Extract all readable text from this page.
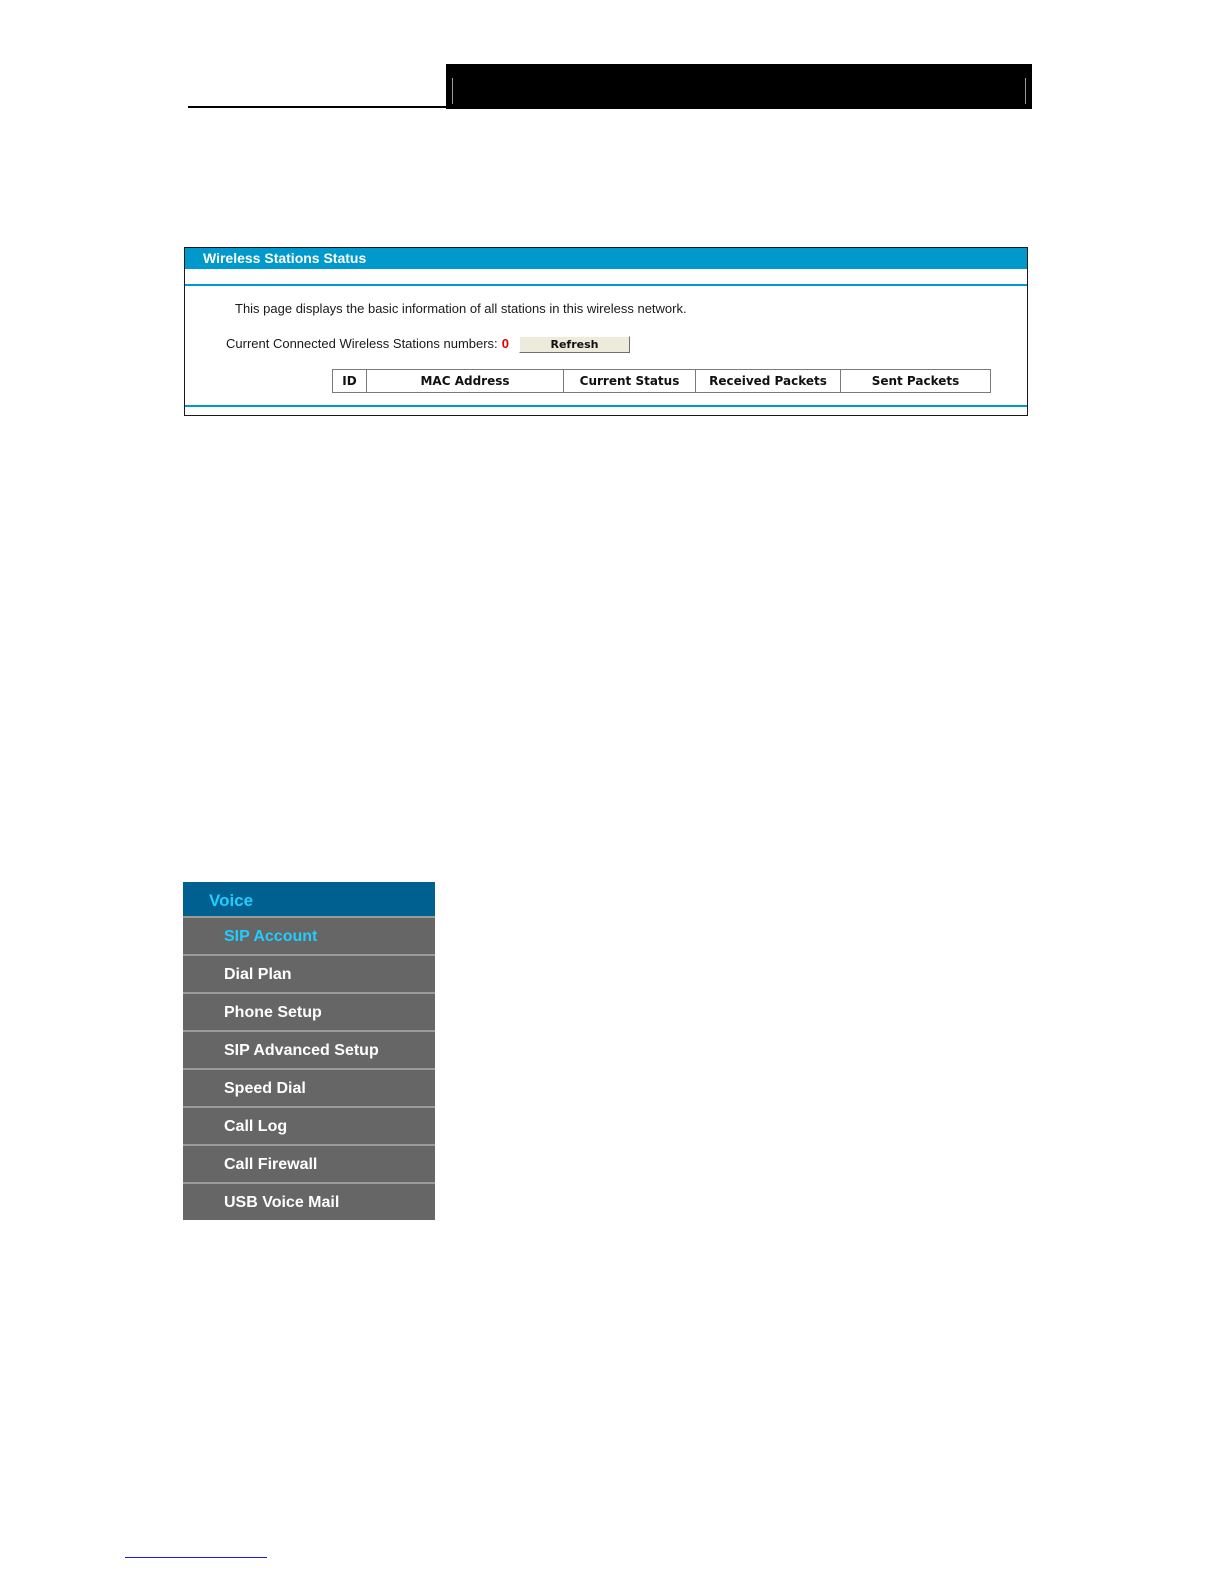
Wireless Stations Status
This page displays the basic information of all stations in this wireless network.
Current Connected Wireless Stations numbers: 0	Refresh
ID	MAC Address	Current Status	Received Packets	Sent Packets
Voice
SIP Account
Dial Plan
Phone Setup
SIP Advanced Setup
Speed Dial
Call Log
Call Firewall
USB Voice Mail
